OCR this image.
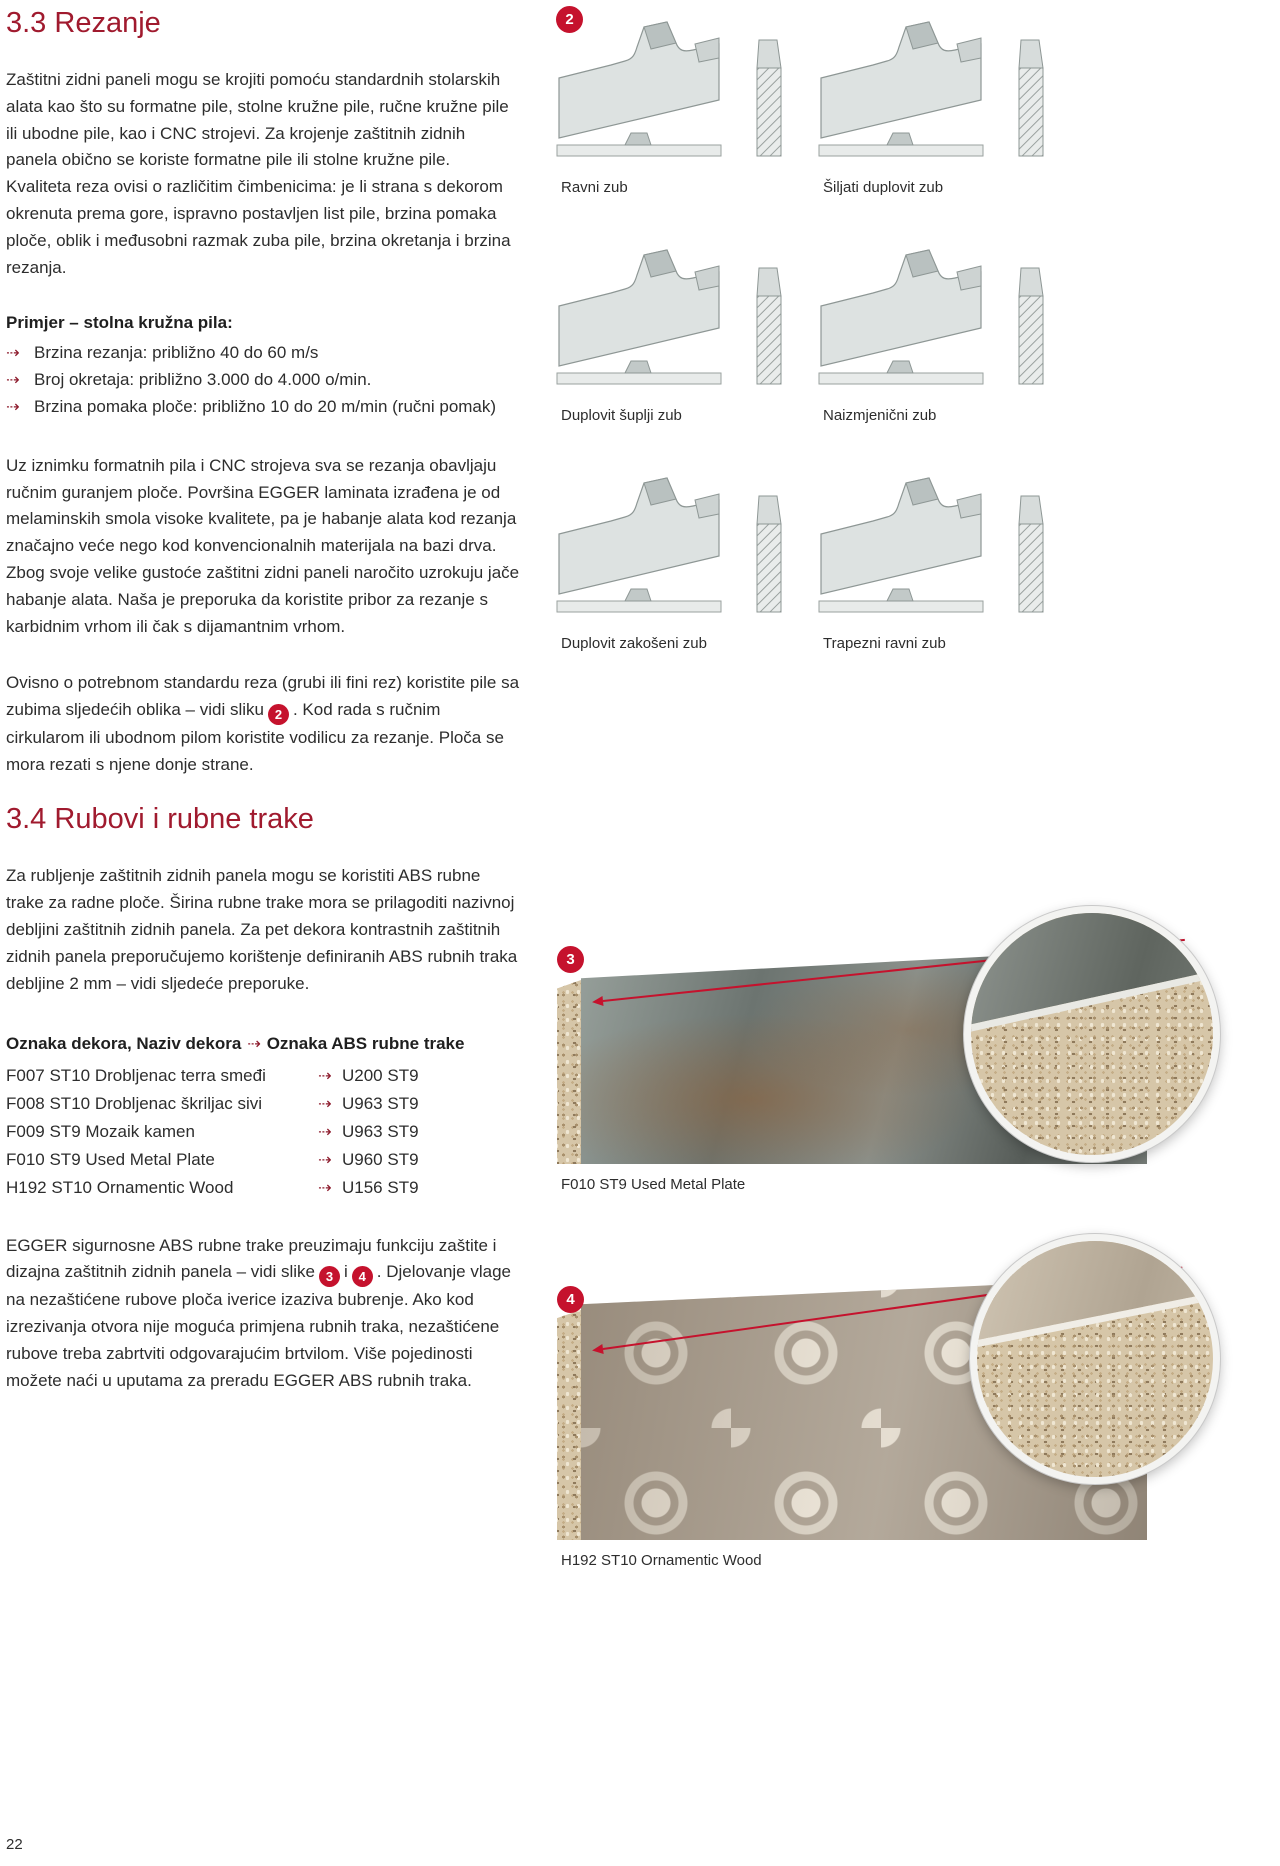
3.3 Rezanje

Zaštitni zidni paneli mogu se krojiti pomoću standardnih stolarskih alata kao što su formatne pile, stolne kružne pile, ručne kružne pile ili ubodne pile, kao i CNC strojevi. Za krojenje zaštitnih zidnih panela obično se koriste formatne pile ili stolne kružne pile. Kvaliteta reza ovisi o različitim čimbenicima: je li strana s dekorom okrenuta prema gore, ispravno postavljen list pile, brzina pomaka ploče, oblik i međusobni razmak zuba pile, brzina okretanja i brzina rezanja.

Primjer – stolna kružna pila:

⇢ Brzina rezanja: približno 40 do 60 m/s
⇢ Broj okretaja: približno 3.000 do 4.000 o/min.
⇢ Brzina pomaka ploče: približno 10 do 20 m/min (ručni pomak)

Uz iznimku formatnih pila i CNC strojeva sva se rezanja obavljaju ručnim guranjem ploče. Površina EGGER laminata izrađena je od melaminskih smola visoke kvalitete, pa je habanje alata kod rezanja značajno veće nego kod konvencionalnih materijala na bazi drva. Zbog svoje velike gustoće zaštitni zidni paneli naročito uzrokuju jače habanje alata. Naša je preporuka da koristite pribor za rezanje s karbidnim vrhom ili čak s dijamantnim vrhom.

Ovisno o potrebnom standardu reza (grubi ili fini rez) koristite pile sa zubima sljedećih oblika – vidi sliku 2 . Kod rada s ručnim cirkularom ili ubodnom pilom koristite vodilicu za rezanje. Ploča se mora rezati s njene donje strane.

3.4 Rubovi i rubne trake

Za rubljenje zaštitnih zidnih panela mogu se koristiti ABS rubne trake za radne ploče. Širina rubne trake mora se prilagoditi nazivnoj debljini zaštitnih zidnih panela. Za pet dekora kontrastnih zaštitnih zidnih panela preporučujemo korištenje definiranih ABS rubnih traka debljine 2 mm – vidi sljedeće preporuke.

Oznaka dekora, Naziv dekora ⇢ Oznaka ABS rubne trake

F007 ST10 Drobljenac terra smeđi	⇢ U200 ST9
F008 ST10 Drobljenac škriljac sivi	⇢ U963 ST9
F009 ST9 Mozaik kamen	⇢ U963 ST9
F010 ST9 Used Metal Plate	⇢ U960 ST9
H192 ST10 Ornamentic Wood	⇢ U156 ST9

EGGER sigurnosne ABS rubne trake preuzimaju funkciju zaštite i dizajna zaštitnih zidnih panela – vidi slike 3 i 4 . Djelovanje vlage na nezaštićene rubove ploča iverice izaziva bubrenje. Ako kod izrezivanja otvora nije moguća primjena rubnih traka, nezaštićene rubove treba zabrtviti odgovarajućim brtvilom. Više pojedinosti možete naći u uputama za preradu EGGER ABS rubnih traka.

2
Ravni zub	Šiljati duplovit zub
Duplovit šuplji zub	Naizmjenični zub
Duplovit zakošeni zub	Trapezni ravni zub
3
F010 ST9 Used Metal Plate
4
H192 ST10 Ornamentic Wood
22
